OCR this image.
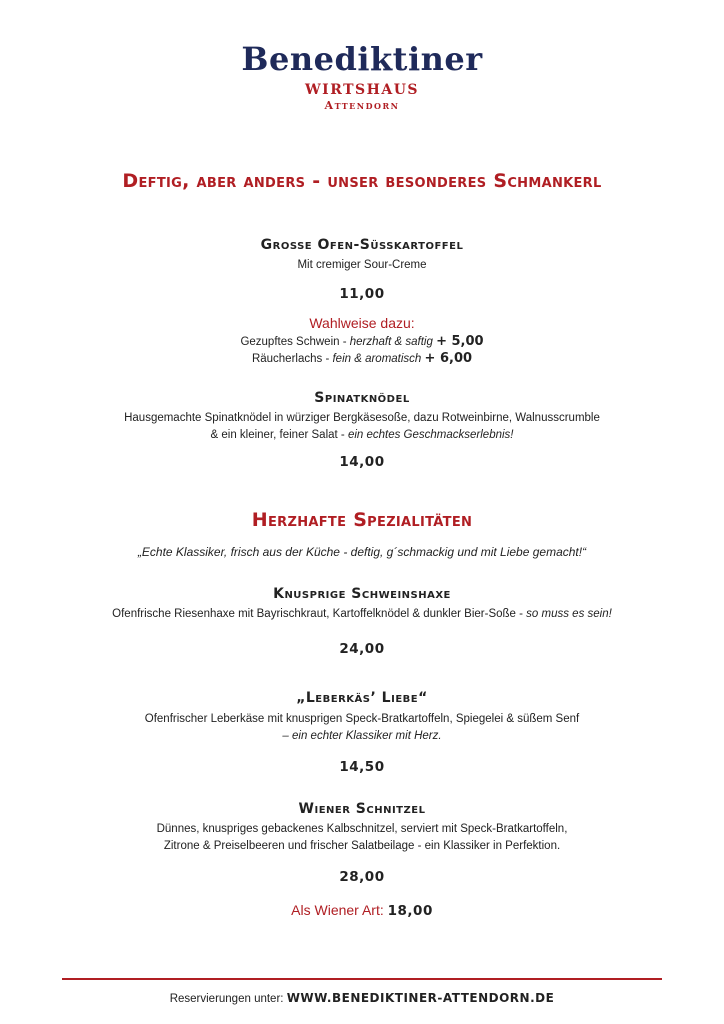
Benediktiner
WIRTSHAUS
Attendorn
Deftig, aber anders - unser besonderes Schmankerl
Grosse Ofen-Süsskartoffel
Mit cremiger Sour-Creme
11,00
Wahlweise dazu:
Gezupftes Schwein - herzhaft & saftig + 5,00
Räucherlachs - fein & aromatisch + 6,00
Spinatknödel
Hausgemachte Spinatknödel in würziger Bergkäsesoße, dazu Rotweinbirne, Walnusscrumble
& ein kleiner, feiner Salat - ein echtes Geschmackserlebnis!
14,00
Herzhafte Spezialitäten
„Echte Klassiker, frisch aus der Küche - deftig, g´schmackig und mit Liebe gemacht!“
Knusprige Schweinshaxe
Ofenfrische Riesenhaxe mit Bayrischkraut, Kartoffelknödel & dunkler Bier-Soße - so muss es sein!
24,00
„Leberkäs’ Liebe“
Ofenfrischer Leberkäse mit knusprigen Speck-Bratkartoffeln, Spiegelei & süßem Senf
– ein echter Klassiker mit Herz.
14,50
Wiener Schnitzel
Dünnes, knuspriges gebackenes Kalbschnitzel, serviert mit Speck-Bratkartoffeln,
Zitrone & Preiselbeeren und frischer Salatbeilage - ein Klassiker in Perfektion.
28,00
Als Wiener Art: 18,00
Reservierungen unter: WWW.BENEDIKTINER-ATTENDORN.DE
